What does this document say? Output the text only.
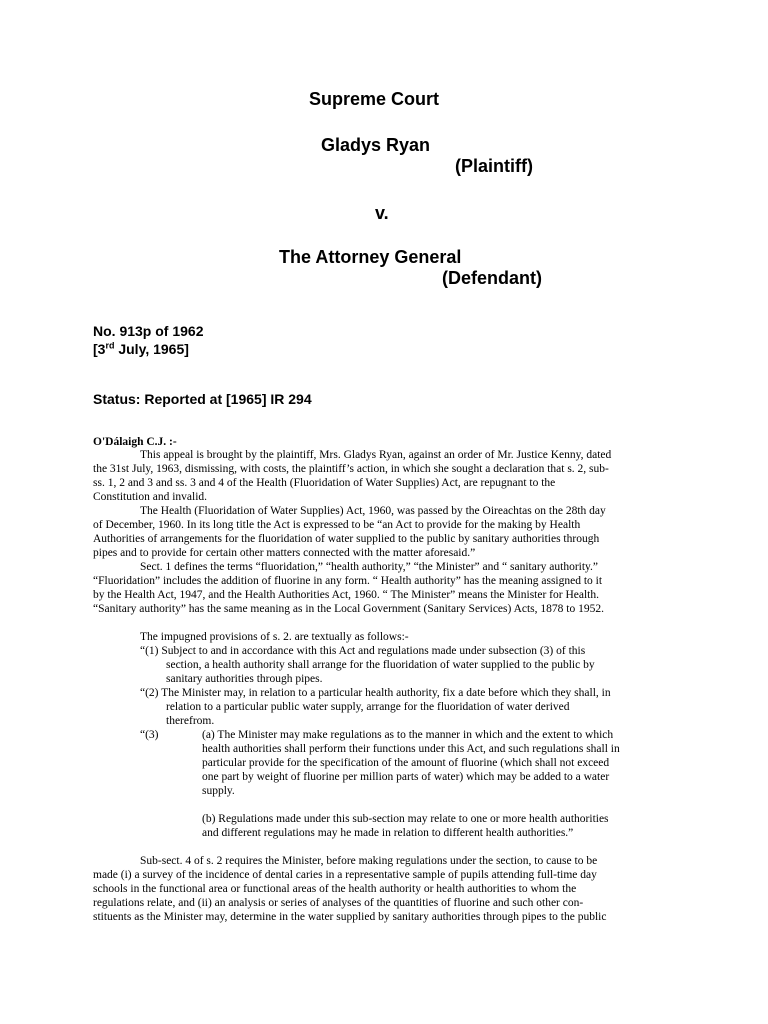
Supreme Court
Gladys Ryan
(Plaintiff)
v.
The Attorney General
(Defendant)
No. 913p of 1962
[3rd July, 1965]
Status: Reported at [1965] IR 294
O'Dálaigh C.J. :-
This appeal is brought by the plaintiff, Mrs. Gladys Ryan, against an order of Mr. Justice Kenny, dated
the 31st July, 1963, dismissing, with costs, the plaintiff’s action, in which she sought a declaration that s. 2, sub-
ss. 1, 2 and 3 and ss. 3 and 4 of the Health (Fluoridation of Water Supplies) Act, are repugnant to the
Constitution and invalid.
The Health (Fluoridation of Water Supplies) Act, 1960, was passed by the Oireachtas on the 28th day
of December, 1960. In its long title the Act is expressed to be “an Act to provide for the making by Health
Authorities of arrangements for the fluoridation of water supplied to the public by sanitary authorities through
pipes and to provide for certain other matters connected with the matter aforesaid.”
Sect. 1 defines the terms “fluoridation,” “health authority,” “the Minister” and “ sanitary authority.”
“Fluoridation” includes the addition of fluorine in any form. “ Health authority” has the meaning assigned to it
by the Health Act, 1947, and the Health Authorities Act, 1960. “ The Minister” means the Minister for Health.
“Sanitary authority” has the same meaning as in the Local Government (Sanitary Services) Acts, 1878 to 1952.
The impugned provisions of s. 2. are textually as follows:-
“(1) Subject to and in accordance with this Act and regulations made under subsection (3) of this
section, a health authority shall arrange for the fluoridation of water supplied to the public by
sanitary authorities through pipes.
“(2) The Minister may, in relation to a particular health authority, fix a date before which they shall, in
relation to a particular public water supply, arrange for the fluoridation of water derived
therefrom.
“(3)	(a) The Minister may make regulations as to the manner in which and the extent to which
health authorities shall perform their functions under this Act, and such regulations shall in
particular provide for the specification of the amount of fluorine (which shall not exceed
one part by weight of fluorine per million parts of water) which may be added to a water
supply.
(b) Regulations made under this sub-section may relate to one or more health authorities
and different regulations may he made in relation to different health authorities.”
Sub-sect. 4 of s. 2 requires the Minister, before making regulations under the section, to cause to be
made (i) a survey of the incidence of dental caries in a representative sample of pupils attending full-time day
schools in the functional area or functional areas of the health authority or health authorities to whom the
regulations relate, and (ii) an analysis or series of analyses of the quantities of fluorine and such other con-
stituents as the Minister may, determine in the water supplied by sanitary authorities through pipes to the public
